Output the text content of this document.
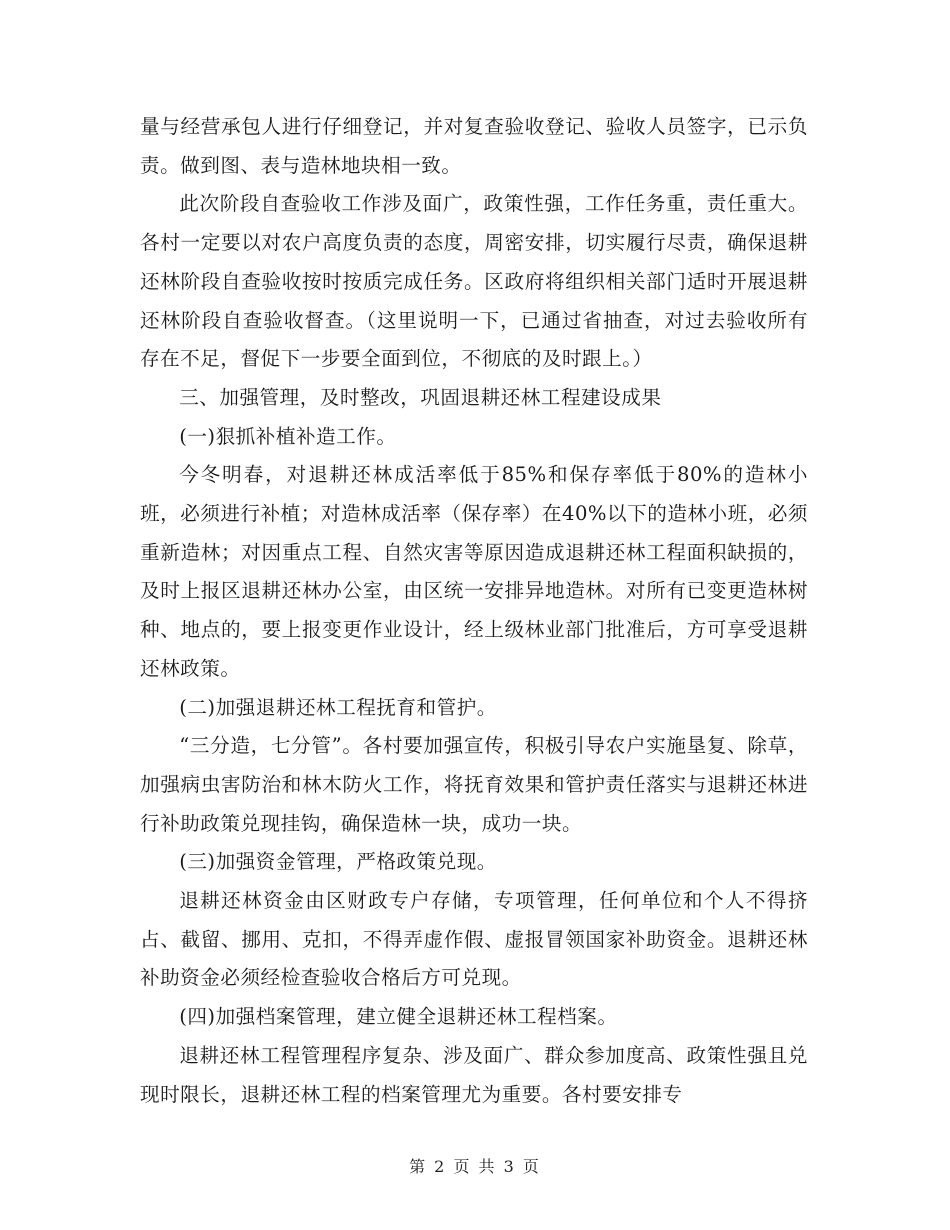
量与经营承包人进行仔细登记，并对复查验收登记、验收人员签字，已示负责。做到图、表与造林地块相一致。

此次阶段自查验收工作涉及面广，政策性强，工作任务重，责任重大。各村一定要以对农户高度负责的态度，周密安排，切实履行尽责，确保退耕还林阶段自查验收按时按质完成任务。区政府将组织相关部门适时开展退耕还林阶段自查验收督查。（这里说明一下，已通过省抽查，对过去验收所有存在不足，督促下一步要全面到位，不彻底的及时跟上。）

三、加强管理，及时整改，巩固退耕还林工程建设成果

(一)狠抓补植补造工作。

今冬明春，对退耕还林成活率低于85%和保存率低于80%的造林小班，必须进行补植；对造林成活率（保存率）在40%以下的造林小班，必须重新造林；对因重点工程、自然灾害等原因造成退耕还林工程面积缺损的，及时上报区退耕还林办公室，由区统一安排异地造林。对所有已变更造林树种、地点的，要上报变更作业设计，经上级林业部门批准后，方可享受退耕还林政策。

(二)加强退耕还林工程抚育和管护。

“三分造，七分管”。各村要加强宣传，积极引导农户实施垦复、除草，加强病虫害防治和林木防火工作，将抚育效果和管护责任落实与退耕还林进行补助政策兑现挂钩，确保造林一块，成功一块。

(三)加强资金管理，严格政策兑现。

退耕还林资金由区财政专户存储，专项管理，任何单位和个人不得挤占、截留、挪用、克扣，不得弄虚作假、虚报冒领国家补助资金。退耕还林补助资金必须经检查验收合格后方可兑现。

(四)加强档案管理，建立健全退耕还林工程档案。

退耕还林工程管理程序复杂、涉及面广、群众参加度高、政策性强且兑现时限长，退耕还林工程的档案管理尤为重要。各村要安排专

第 2 页 共 3 页
